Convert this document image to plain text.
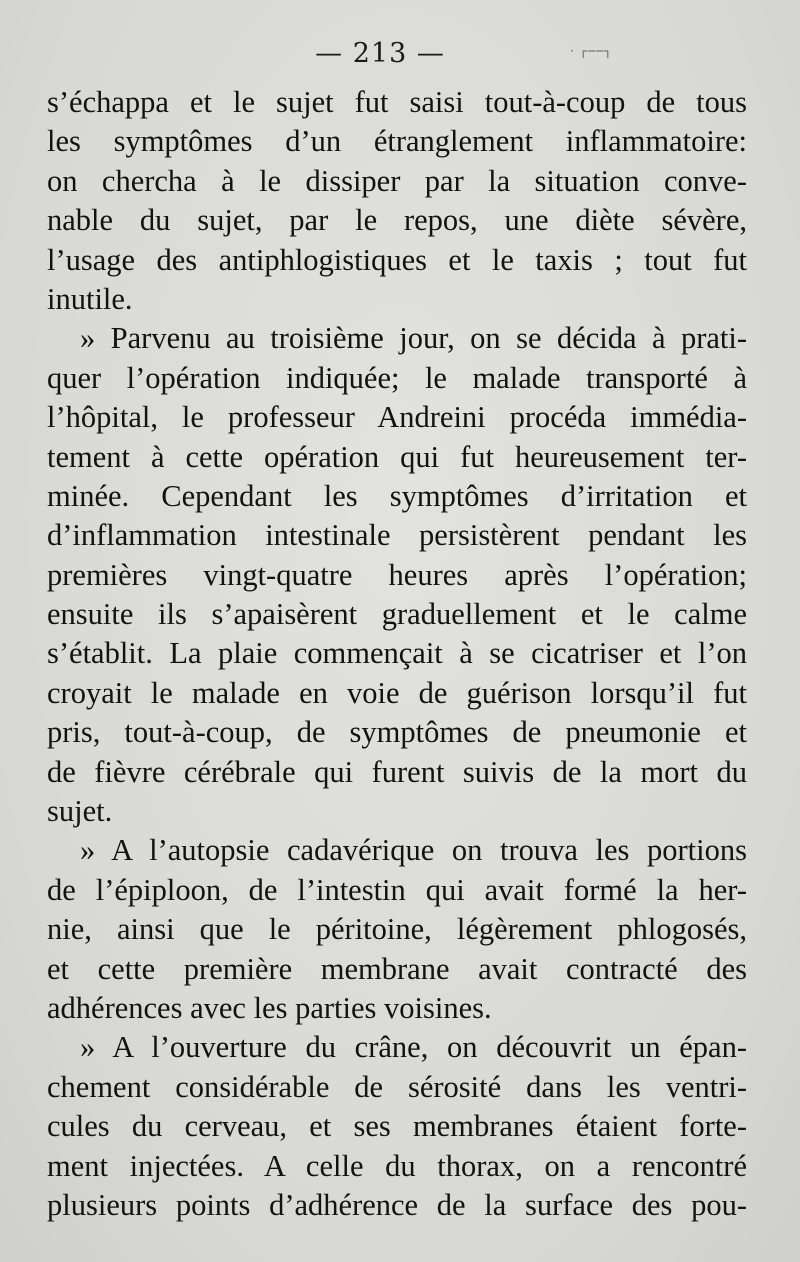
— 213 —	· ┌──┐
s’échappa et le sujet fut saisi tout-à-coup de tous
les symptômes d’un étranglement inflammatoire:
on chercha à le dissiper par la situation conve-
nable du sujet, par le repos, une diète sévère,
l’usage des antiphlogistiques et le taxis ; tout fut
inutile.
» Parvenu au troisième jour, on se décida à prati-
quer l’opération indiquée; le malade transporté à
l’hôpital, le professeur Andreini procéda immédia-
tement à cette opération qui fut heureusement ter-
minée. Cependant les symptômes d’irritation et
d’inflammation intestinale persistèrent pendant les
premières vingt-quatre heures après l’opération;
ensuite ils s’apaisèrent graduellement et le calme
s’établit. La plaie commençait à se cicatriser et l’on
croyait le malade en voie de guérison lorsqu’il fut
pris, tout-à-coup, de symptômes de pneumonie et
de fièvre cérébrale qui furent suivis de la mort du
sujet.
» A l’autopsie cadavérique on trouva les portions
de l’épiploon, de l’intestin qui avait formé la her-
nie, ainsi que le péritoine, légèrement phlogosés,
et cette première membrane avait contracté des
adhérences avec les parties voisines.
» A l’ouverture du crâne, on découvrit un épan-
chement considérable de sérosité dans les ventri-
cules du cerveau, et ses membranes étaient forte-
ment injectées. A celle du thorax, on a rencontré
plusieurs points d’adhérence de la surface des pou-
